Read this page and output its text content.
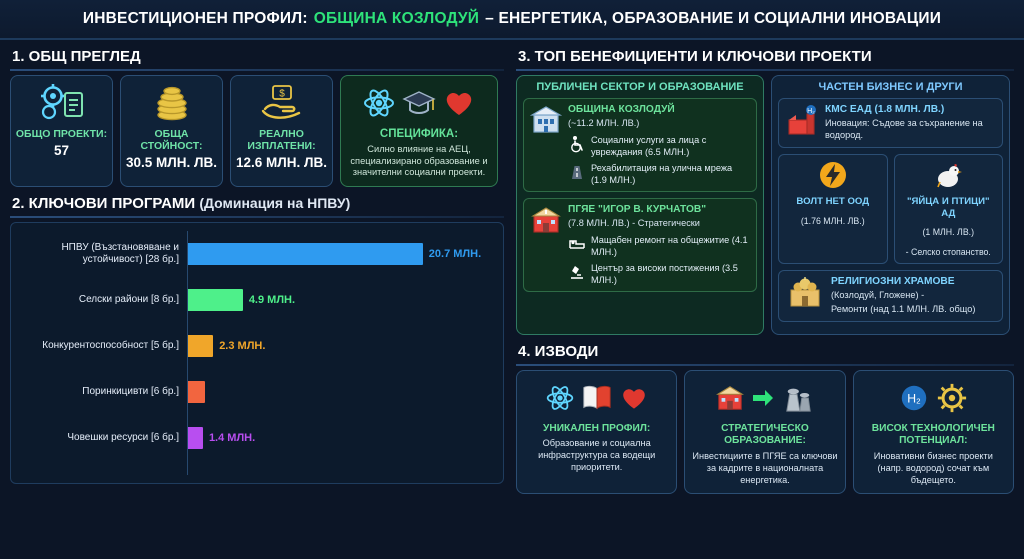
ИНВЕСТИЦИОНЕН ПРОФИЛ: ОБЩИНА КОЗЛОДУЙ – ЕНЕРГЕТИКА, ОБРАЗОВАНИЕ И СОЦИАЛНИ ИНОВАЦИИ
1. ОБЩ ПРЕГЛЕД
ОБЩО ПРОЕКТИ:
57
ОБЩА СТОЙНОСТ:
30.5 МЛН. ЛВ.
$
РЕАЛНО ИЗПЛАТЕНИ:
12.6 МЛН. ЛВ.
СПЕЦИФИКА:
Силно влияние на АЕЦ, специализирано образование и значителни социални проекти.
2. КЛЮЧОВИ ПРОГРАМИ (Доминация на НПВУ)
НПВУ (Възстановяване и устойчивост) [28 бр.]	20.7 МЛН.
Селски райони [8 бр.]	4.9 МЛН.
Конкурентоспособност [5 бр.]	2.3 МЛН.
Поринкицивти [6 бр.]
Човешки ресурси [6 бр.]	1.4 МЛН.
3. ТОП БЕНЕФИЦИЕНТИ И КЛЮЧОВИ ПРОЕКТИ
ПУБЛИЧЕН СЕКТОР И ОБРАЗОВАНИЕ
ОБЩИНА КОЗЛОДУЙ
(~11.2 МЛН. ЛВ.)
Социални услуги за лица с увреждания (6.5 МЛН.)
Рехабилитация на улична мрежа (1.9 МЛН.)
ПГЯЕ "ИГОР В. КУРЧАТОВ"
(7.8 МЛН. ЛВ.) - Стратегически
Мащабен ремонт на общежитие (4.1 МЛН.)
Център за високи постижения (3.5 МЛН.)
ЧАСТЕН БИЗНЕС И ДРУГИ
H₂ КМС ЕАД (1.8 МЛН. ЛВ.)
Иновация: Съдове за съхранение на водород.
ВОЛТ НЕТ ООД
(1.76 МЛН. ЛВ.)
"ЯЙЦА И ПТИЦИ" АД
(1 МЛН. ЛВ.)
- Селско стопанство.
РЕЛИГИОЗНИ ХРАМОВЕ
(Козлодуй, Гложене) -
Ремонти (над 1.1 МЛН. ЛВ. общо)
4. ИЗВОДИ
УНИКАЛЕН ПРОФИЛ:
Образование и социална инфраструктура са водещи приоритети.
СТРАТЕГИЧЕСКО ОБРАЗОВАНИЕ:
Инвестициите в ПГЯЕ са ключови за кадрите в националната енергетика.
H₂
ВИСОК ТЕХНОЛОГИЧЕН ПОТЕНЦИАЛ:
Иновативни бизнес проекти (напр. водород) сочат към бъдещето.
